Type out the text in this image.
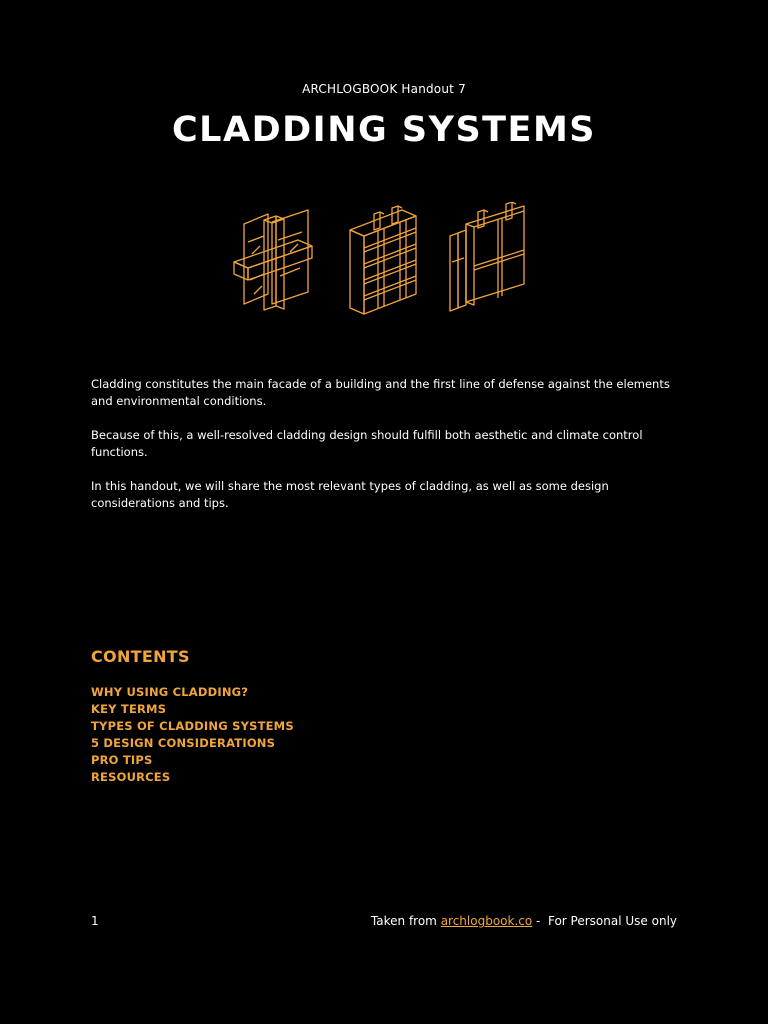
ARCHLOGBOOK Handout 7
CLADDING SYSTEMS

Cladding constitutes the main facade of a building and the first line of defense against the elements and environmental conditions.

Because of this, a well-resolved cladding design should fulfill both aesthetic and climate control functions.

In this handout, we will share the most relevant types of cladding, as well as some design considerations and tips.

CONTENTS
WHY USING CLADDING?
KEY TERMS
TYPES OF CLADDING SYSTEMS
5 DESIGN CONSIDERATIONS
PRO TIPS
RESOURCES
1	Taken from archlogbook.co -  For Personal Use only
